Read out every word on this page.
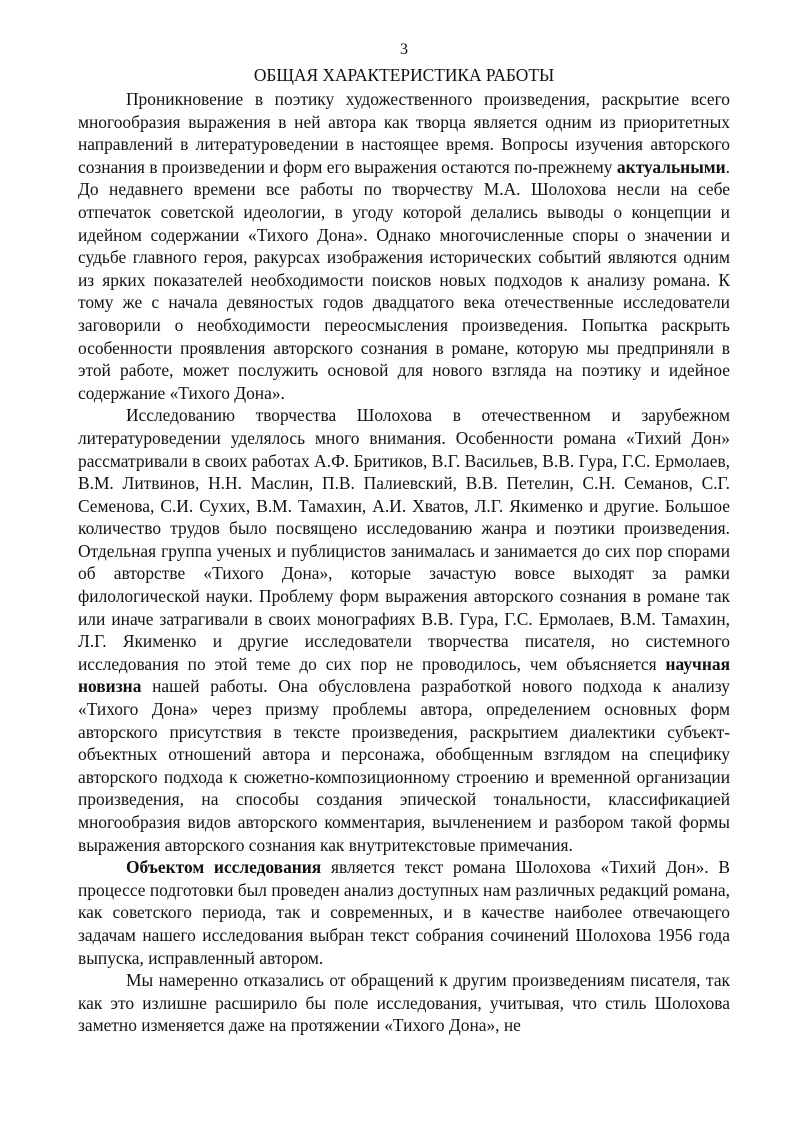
3
ОБЩАЯ ХАРАКТЕРИСТИКА РАБОТЫ

Проникновение в поэтику художественного произведения, раскрытие всего многообразия выражения в ней автора как творца является одним из приоритетных направлений в литературоведении в настоящее время. Вопросы изучения авторского сознания в произведении и форм его выражения остаются по-прежнему актуальными. До недавнего времени все работы по творчеству М.А. Шолохова несли на себе отпечаток советской идеологии, в угоду которой делались выводы о концепции и идейном содержании «Тихого Дона». Однако многочисленные споры о значении и судьбе главного героя, ракурсах изображения исторических событий являются одним из ярких показателей необходимости поисков новых подходов к анализу романа. К тому же с начала девяностых годов двадцатого века отечественные исследователи заговорили о необходимости переосмысления произведения. Попытка раскрыть особенности проявления авторского сознания в романе, которую мы предприняли в этой работе, может послужить основой для нового взгляда на поэтику и идейное содержание «Тихого Дона».

Исследованию творчества Шолохова в отечественном и зарубежном литературоведении уделялось много внимания. Особенности романа «Тихий Дон» рассматривали в своих работах А.Ф. Бритиков, В.Г. Васильев, В.В. Гура, Г.С. Ермолаев, В.М. Литвинов, Н.Н. Маслин, П.В. Палиевский, В.В. Петелин, С.Н. Семанов, С.Г. Семенова, С.И. Сухих, В.М. Тамахин, А.И. Хватов, Л.Г. Якименко и другие. Большое количество трудов было посвящено исследованию жанра и поэтики произведения. Отдельная группа ученых и публицистов занималась и занимается до сих пор спорами об авторстве «Тихого Дона», которые зачастую вовсе выходят за рамки филологической науки. Проблему форм выражения авторского сознания в романе так или иначе затрагивали в своих монографиях В.В. Гура, Г.С. Ермолаев, В.М. Тамахин, Л.Г. Якименко и другие исследователи творчества писателя, но системного исследования по этой теме до сих пор не проводилось, чем объясняется научная новизна нашей работы. Она обусловлена разработкой нового подхода к анализу «Тихого Дона» через призму проблемы автора, определением основных форм авторского присутствия в тексте произведения, раскрытием диалектики субъект-объектных отношений автора и персонажа, обобщенным взглядом на специфику авторского подхода к сюжетно-композиционному строению и временной организации произведения, на способы создания эпической тональности, классификацией многообразия видов авторского комментария, вычленением и разбором такой формы выражения авторского сознания как внутритекстовые примечания.

Объектом исследования является текст романа Шолохова «Тихий Дон». В процессе подготовки был проведен анализ доступных нам различных редакций романа, как советского периода, так и современных, и в качестве наиболее отвечающего задачам нашего исследования выбран текст собрания сочинений Шолохова 1956 года выпуска, исправленный автором.

Мы намеренно отказались от обращений к другим произведениям писателя, так как это излишне расширило бы поле исследования, учитывая, что стиль Шолохова заметно изменяется даже на протяжении «Тихого Дона», не
